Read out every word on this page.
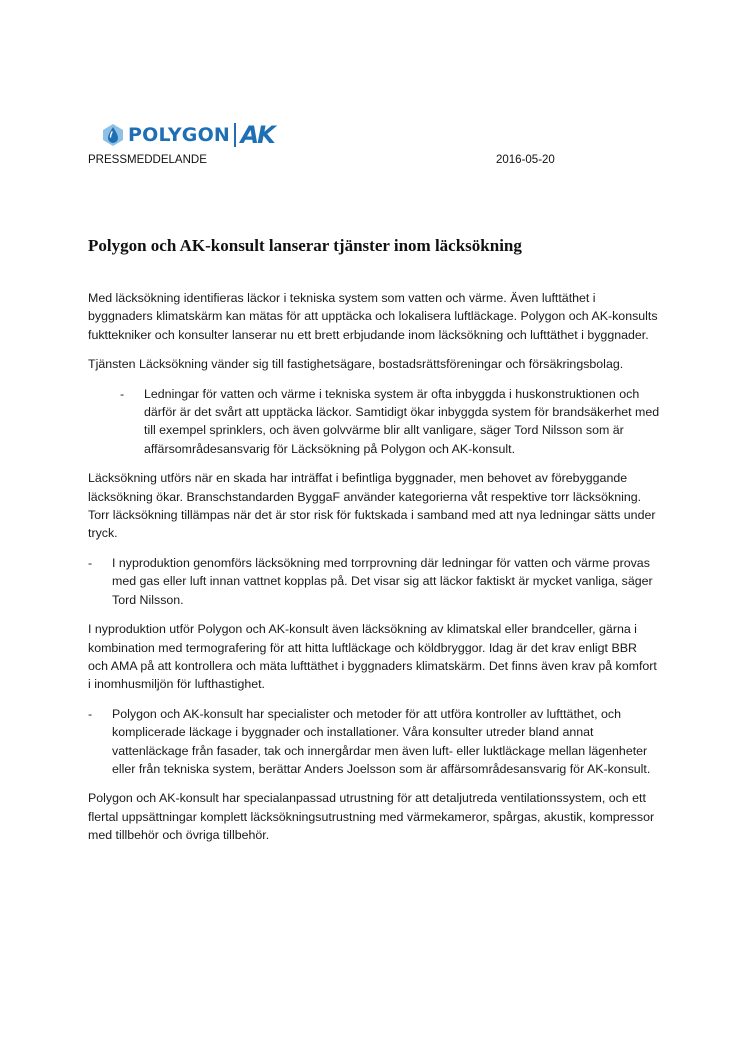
POLYGON AK
PRESSMEDDELANDE	2016-05-20
Polygon och AK-konsult lanserar tjänster inom läcksökning

Med läcksökning identifieras läckor i tekniska system som vatten och värme. Även lufttäthet i byggnaders klimatskärm kan mätas för att upptäcka och lokalisera luftläckage. Polygon och AK-konsults fukttekniker och konsulter lanserar nu ett brett erbjudande inom läcksökning och lufttäthet i byggnader.

Tjänsten Läcksökning vänder sig till fastighetsägare, bostadsrättsföreningar och försäkringsbolag.

-	Ledningar för vatten och värme i tekniska system är ofta inbyggda i huskonstruktionen och därför är det svårt att upptäcka läckor. Samtidigt ökar inbyggda system för brandsäkerhet med till exempel sprinklers, och även golvvärme blir allt vanligare, säger Tord Nilsson som är affärsområdesansvarig för Läcksökning på Polygon och AK-konsult.

Läcksökning utförs när en skada har inträffat i befintliga byggnader, men behovet av förebyggande läcksökning ökar. Branschstandarden ByggaF använder kategorierna våt respektive torr läcksökning. Torr läcksökning tillämpas när det är stor risk för fuktskada i samband med att nya ledningar sätts under tryck.

-	I nyproduktion genomförs läcksökning med torrprovning där ledningar för vatten och värme provas med gas eller luft innan vattnet kopplas på. Det visar sig att läckor faktiskt är mycket vanliga, säger Tord Nilsson.

I nyproduktion utför Polygon och AK-konsult även läcksökning av klimatskal eller brandceller, gärna i kombination med termografering för att hitta luftläckage och köldbryggor. Idag är det krav enligt BBR och AMA på att kontrollera och mäta lufttäthet i byggnaders klimatskärm. Det finns även krav på komfort i inomhusmiljön för lufthastighet.

-	Polygon och AK-konsult har specialister och metoder för att utföra kontroller av lufttäthet, och komplicerade läckage i byggnader och installationer. Våra konsulter utreder bland annat vattenläckage från fasader, tak och innergårdar men även luft- eller luktläckage mellan lägenheter eller från tekniska system, berättar Anders Joelsson som är affärsområdesansvarig för AK-konsult.

Polygon och AK-konsult har specialanpassad utrustning för att detaljutreda ventilationssystem, och ett flertal uppsättningar komplett läcksökningsutrustning med värmekameror, spårgas, akustik, kompressor med tillbehör och övriga tillbehör.
